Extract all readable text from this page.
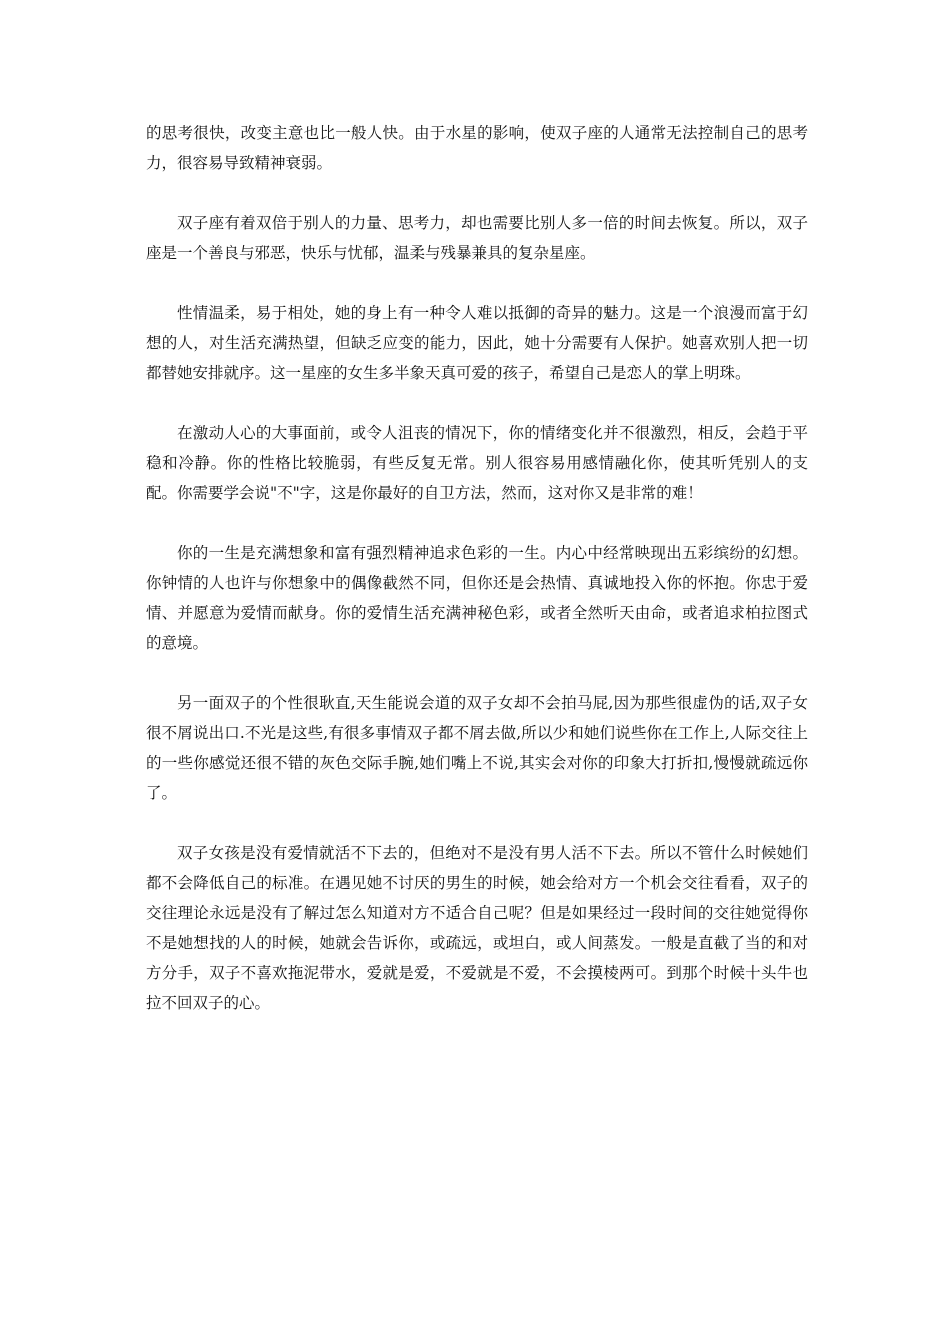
的思考很快，改变主意也比一般人快。由于水星的影响，使双子座的人通常无法控制自己的思考力，很容易导致精神衰弱。

双子座有着双倍于别人的力量、思考力，却也需要比别人多一倍的时间去恢复。所以，双子座是一个善良与邪恶，快乐与忧郁，温柔与残暴兼具的复杂星座。

性情温柔，易于相处，她的身上有一种令人难以抵御的奇异的魅力。这是一个浪漫而富于幻想的人，对生活充满热望，但缺乏应变的能力，因此，她十分需要有人保护。她喜欢别人把一切都替她安排就序。这一星座的女生多半象天真可爱的孩子，希望自己是恋人的掌上明珠。

在激动人心的大事面前，或令人沮丧的情况下，你的情绪变化并不很激烈，相反，会趋于平稳和冷静。你的性格比较脆弱，有些反复无常。别人很容易用感情融化你，使其听凭别人的支配。你需要学会说"不"字，这是你最好的自卫方法，然而，这对你又是非常的难！

你的一生是充满想象和富有强烈精神追求色彩的一生。内心中经常映现出五彩缤纷的幻想。你钟情的人也许与你想象中的偶像截然不同，但你还是会热情、真诚地投入你的怀抱。你忠于爱情、并愿意为爱情而献身。你的爱情生活充满神秘色彩，或者全然听天由命，或者追求柏拉图式的意境。

另一面双子的个性很耿直,天生能说会道的双子女却不会拍马屁,因为那些很虚伪的话,双子女很不屑说出口.不光是这些,有很多事情双子都不屑去做,所以少和她们说些你在工作上,人际交往上的一些你感觉还很不错的灰色交际手腕,她们嘴上不说,其实会对你的印象大打折扣,慢慢就疏远你了。

双子女孩是没有爱情就活不下去的，但绝对不是没有男人活不下去。所以不管什么时候她们都不会降低自己的标准。在遇见她不讨厌的男生的时候，她会给对方一个机会交往看看，双子的交往理论永远是没有了解过怎么知道对方不适合自己呢？但是如果经过一段时间的交往她觉得你不是她想找的人的时候，她就会告诉你，或疏远，或坦白，或人间蒸发。一般是直截了当的和对方分手，双子不喜欢拖泥带水，爱就是爱，不爱就是不爱，不会摸棱两可。到那个时候十头牛也拉不回双子的心。
